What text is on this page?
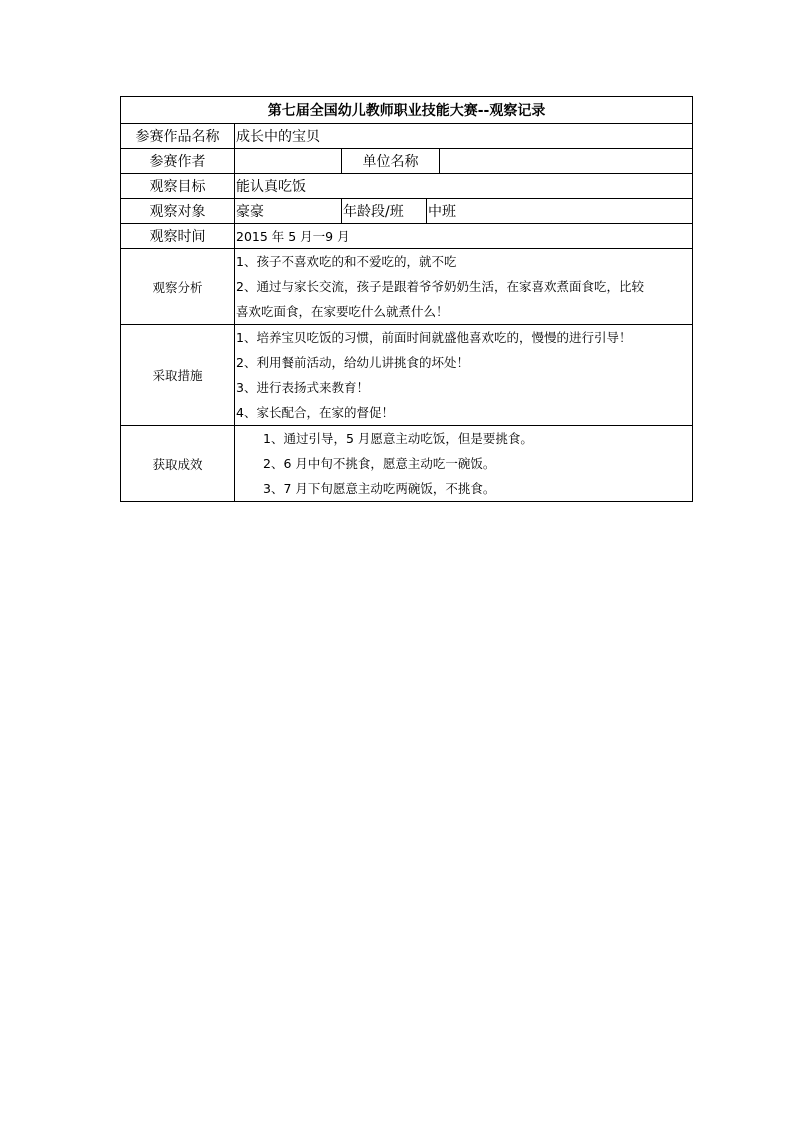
第七届全国幼儿教师职业技能大赛--观察记录				
参赛作品名称	成长中的宝贝			
参赛作者		单位名称		
观察目标	能认真吃饭			
观察对象	豪豪	年龄段/班	中班	
观察时间	2015 年 5 月一9 月			
观察分析	1、孩子不喜欢吃的和不爱吃的，就不吃
2、通过与家长交流，孩子是跟着爷爷奶奶生活，在家喜欢煮面食吃，比较
喜欢吃面食，在家要吃什么就煮什么！			

采取措施	1、培养宝贝吃饭的习惯，前面时间就盛他喜欢吃的，慢慢的进行引导！
2、利用餐前活动，给幼儿讲挑食的坏处！
3、进行表扬式来教育！
4、家长配合，在家的督促！			

获取成效	1、通过引导，5 月愿意主动吃饭，但是要挑食。
2、6 月中旬不挑食，愿意主动吃一碗饭。
3、7 月下旬愿意主动吃两碗饭，不挑食。			
